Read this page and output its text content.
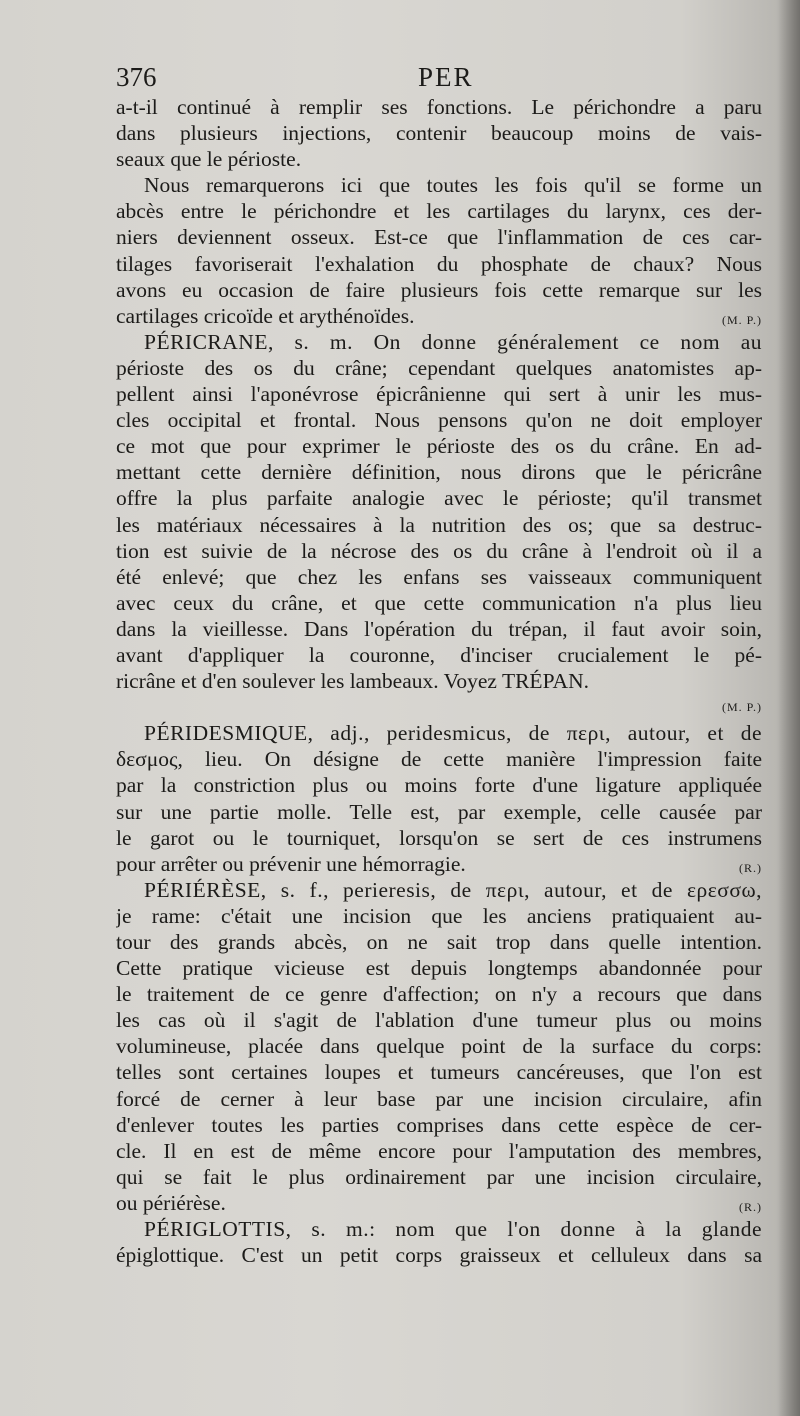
376	PER
a-t-il continué à remplir ses fonctions. Le périchondre a paru
dans plusieurs injections, contenir beaucoup moins de vais-
seaux que le périoste.
Nous remarquerons ici que toutes les fois qu'il se forme un
abcès entre le périchondre et les cartilages du larynx, ces der-
niers deviennent osseux. Est-ce que l'inflammation de ces car-
tilages favoriserait l'exhalation du phosphate de chaux? Nous
avons eu occasion de faire plusieurs fois cette remarque sur les
(M. P.)
cartilages cricoïde et arythénoïdes.
PÉRICRANE, s. m. On donne généralement ce nom au
périoste des os du crâne; cependant quelques anatomistes ap-
pellent ainsi l'aponévrose épicrânienne qui sert à unir les mus-
cles occipital et frontal. Nous pensons qu'on ne doit employer
ce mot que pour exprimer le périoste des os du crâne. En ad-
mettant cette dernière définition, nous dirons que le péricrâne
offre la plus parfaite analogie avec le périoste; qu'il transmet
les matériaux nécessaires à la nutrition des os; que sa destruc-
tion est suivie de la nécrose des os du crâne à l'endroit où il a
été enlevé; que chez les enfans ses vaisseaux communiquent
avec ceux du crâne, et que cette communication n'a plus lieu
dans la vieillesse. Dans l'opération du trépan, il faut avoir soin,
avant d'appliquer la couronne, d'inciser crucialement le pé-
ricrâne et d'en soulever les lambeaux. Voyez TRÉPAN.
(M. P.)
PÉRIDESMIQUE, adj., peridesmicus, de περι, autour, et de
δεσμος, lieu. On désigne de cette manière l'impression faite
par la constriction plus ou moins forte d'une ligature appliquée
sur une partie molle. Telle est, par exemple, celle causée par
le garot ou le tourniquet, lorsqu'on se sert de ces instrumens
(R.)
pour arrêter ou prévenir une hémorragie.
PÉRIÉRÈSE, s. f., perieresis, de περι, autour, et de ερεσσω,
je rame: c'était une incision que les anciens pratiquaient au-
tour des grands abcès, on ne sait trop dans quelle intention.
Cette pratique vicieuse est depuis longtemps abandonnée pour
le traitement de ce genre d'affection; on n'y a recours que dans
les cas où il s'agit de l'ablation d'une tumeur plus ou moins
volumineuse, placée dans quelque point de la surface du corps:
telles sont certaines loupes et tumeurs cancéreuses, que l'on est
forcé de cerner à leur base par une incision circulaire, afin
d'enlever toutes les parties comprises dans cette espèce de cer-
cle. Il en est de même encore pour l'amputation des membres,
qui se fait le plus ordinairement par une incision circulaire,
(R.)
ou périérèse.
PÉRIGLOTTIS, s. m.: nom que l'on donne à la glande
épiglottique. C'est un petit corps graisseux et celluleux dans sa
